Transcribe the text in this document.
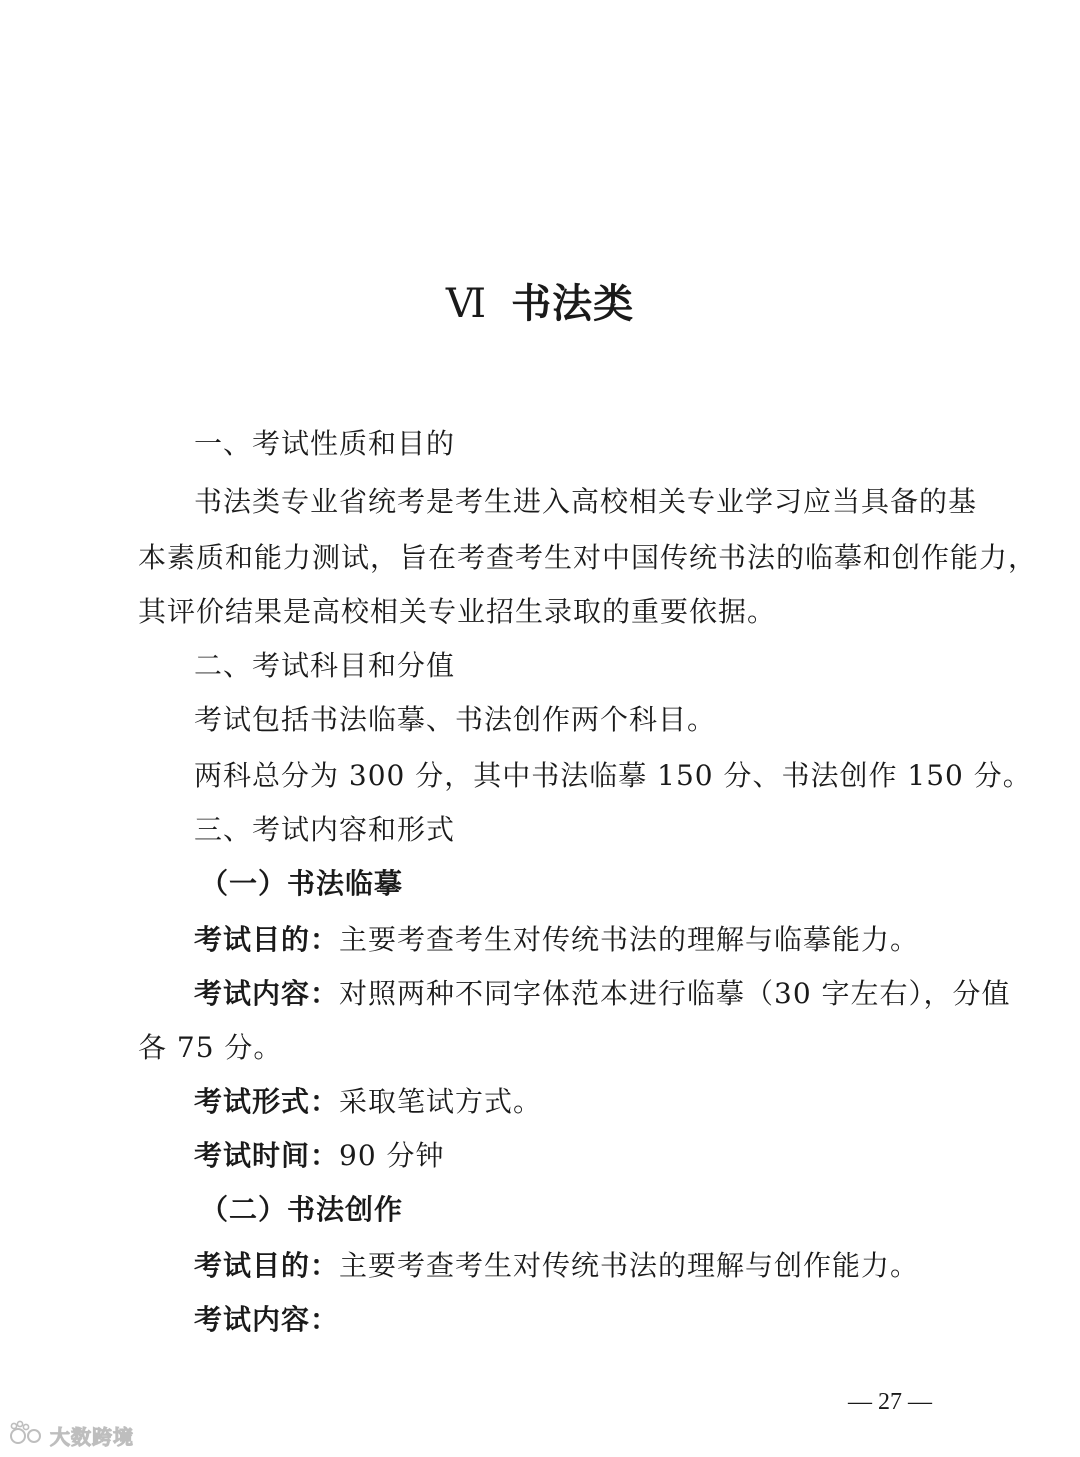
Ⅵ 书法类
一、考试性质和目的
书法类专业省统考是考生进入高校相关专业学习应当具备的基
本素质和能力测试，旨在考查考生对中国传统书法的临摹和创作能力，
其评价结果是高校相关专业招生录取的重要依据。
二、考试科目和分值
考试包括书法临摹、书法创作两个科目。
两科总分为 300 分，其中书法临摹 150 分、书法创作 150 分。
三、考试内容和形式
（一）书法临摹
考试目的：主要考查考生对传统书法的理解与临摹能力。
考试内容：对照两种不同字体范本进行临摹（30 字左右），分值
各 75 分。
考试形式：采取笔试方式。
考试时间：90 分钟
（二）书法创作
考试目的：主要考查考生对传统书法的理解与创作能力。
考试内容：
— 27 —
大数跨境
